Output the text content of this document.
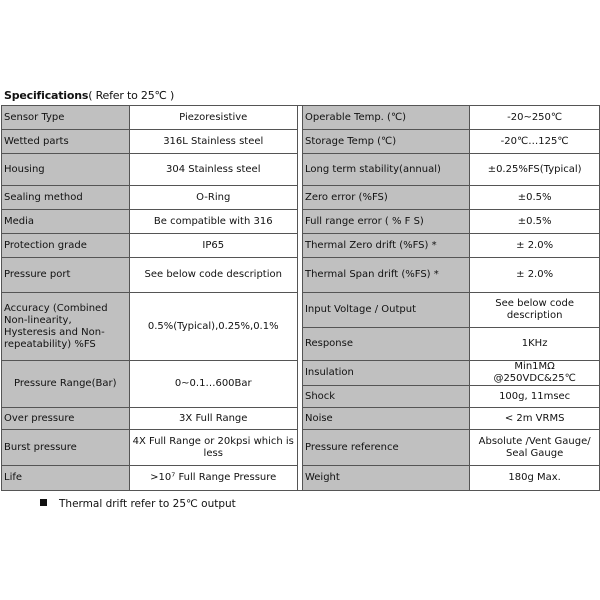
Specifications( Refer to 25℃ )
Sensor Type	Piezoresistive		Operable Temp. (℃)	-20~250℃
Wetted parts	316L Stainless steel		Storage Temp (℃)	-20℃…125℃
Housing	304 Stainless steel		Long term stability(annual)	±0.25%FS(Typical)
Sealing method	O-Ring		Zero error (%FS)	±0.5%
Media	Be compatible with 316		Full range error ( % F S)	±0.5%
Protection grade	IP65		Thermal Zero drift (%FS) *	± 2.0%
Pressure port	See below code description		Thermal Span drift (%FS) *	± 2.0%
Accuracy (Combined Non-linearity, Hysteresis and Non-repeatability) %FS	0.5%(Typical),0.25%,0.1%		Input Voltage / Output	See below code description
			Response	1KHz
Pressure Range(Bar)	0~0.1…600Bar		Insulation	Min1MΩ @250VDC&25℃
			Shock	100g, 11msec
Over pressure	3X Full Range		Noise	< 2m VRMS
Burst pressure	4X Full Range or 20kpsi which is less		Pressure reference	Absolute /Vent Gauge/ Seal Gauge
Life	>10⁷ Full Range Pressure		Weight	180g Max.
Thermal drift refer to 25℃ output
